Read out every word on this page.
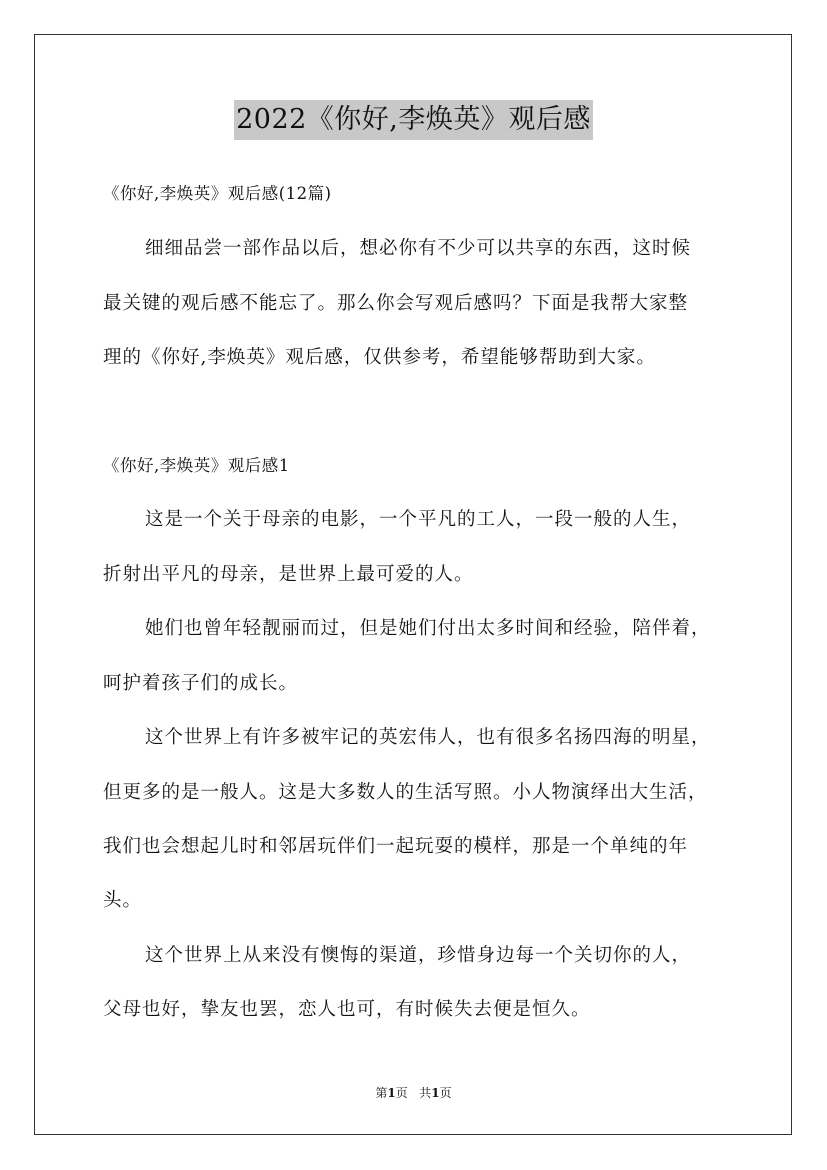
2022《你好,李焕英》观后感
《你好,李焕英》观后感(12篇)
细细品尝一部作品以后，想必你有不少可以共享的东西，这时候
最关键的观后感不能忘了。那么你会写观后感吗？下面是我帮大家整
理的《你好,李焕英》观后感，仅供参考，希望能够帮助到大家。
《你好,李焕英》观后感1
这是一个关于母亲的电影，一个平凡的工人，一段一般的人生，
折射出平凡的母亲，是世界上最可爱的人。
她们也曾年轻靓丽而过，但是她们付出太多时间和经验，陪伴着，
呵护着孩子们的成长。
这个世界上有许多被牢记的英宏伟人，也有很多名扬四海的明星，
但更多的是一般人。这是大多数人的生活写照。小人物演绎出大生活，
我们也会想起儿时和邻居玩伴们一起玩耍的模样，那是一个单纯的年
头。
这个世界上从来没有懊悔的渠道，珍惜身边每一个关切你的人，
父母也好，挚友也罢，恋人也可，有时候失去便是恒久。
第1页 共1页
